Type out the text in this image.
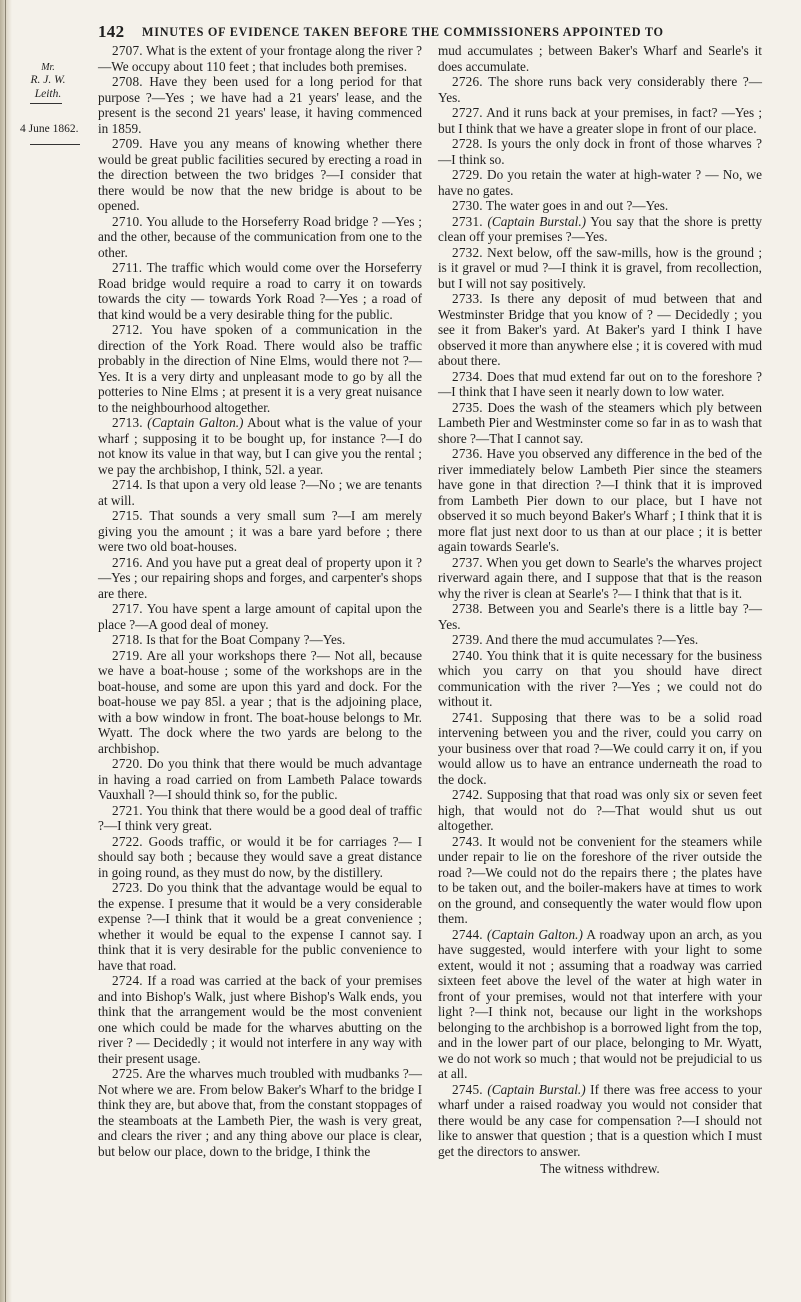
142 MINUTES OF EVIDENCE TAKEN BEFORE THE COMMISSIONERS APPOINTED TO
Mr.
R. J. W. Leith.
4 June 1862.

2707. What is the extent of your frontage along the river ?—We occupy about 110 feet ; that includes both premises.

2708. Have they been used for a long period for that purpose ?—Yes ; we have had a 21 years' lease, and the present is the second 21 years' lease, it having commenced in 1859.

2709. Have you any means of knowing whether there would be great public facilities secured by erecting a road in the direction between the two bridges ?—I consider that there would be now that the new bridge is about to be opened.

2710. You allude to the Horseferry Road bridge ? —Yes ; and the other, because of the communication from one to the other.

2711. The traffic which would come over the Horseferry Road bridge would require a road to carry it on towards towards the city — towards York Road ?—Yes ; a road of that kind would be a very desirable thing for the public.

2712. You have spoken of a communication in the direction of the York Road. There would also be traffic probably in the direction of Nine Elms, would there not ?—Yes. It is a very dirty and unpleasant mode to go by all the potteries to Nine Elms ; at present it is a very great nuisance to the neighbourhood altogether.

2713. (Captain Galton.) About what is the value of your wharf ; supposing it to be bought up, for instance ?—I do not know its value in that way, but I can give you the rental ; we pay the archbishop, I think, 52l. a year.

2714. Is that upon a very old lease ?—No ; we are tenants at will.

2715. That sounds a very small sum ?—I am merely giving you the amount ; it was a bare yard before ; there were two old boat-houses.

2716. And you have put a great deal of property upon it ?—Yes ; our repairing shops and forges, and carpenter's shops are there.

2717. You have spent a large amount of capital upon the place ?—A good deal of money.

2718. Is that for the Boat Company ?—Yes.

2719. Are all your workshops there ?— Not all, because we have a boat-house ; some of the workshops are in the boat-house, and some are upon this yard and dock. For the boat-house we pay 85l. a year ; that is the adjoining place, with a bow window in front. The boat-house belongs to Mr. Wyatt. The dock where the two yards are belong to the archbishop.

2720. Do you think that there would be much advantage in having a road carried on from Lambeth Palace towards Vauxhall ?—I should think so, for the public.

2721. You think that there would be a good deal of traffic ?—I think very great.

2722. Goods traffic, or would it be for carriages ?— I should say both ; because they would save a great distance in going round, as they must do now, by the distillery.

2723. Do you think that the advantage would be equal to the expense. I presume that it would be a very considerable expense ?—I think that it would be a great convenience ; whether it would be equal to the expense I cannot say. I think that it is very desirable for the public convenience to have that road.

2724. If a road was carried at the back of your premises and into Bishop's Walk, just where Bishop's Walk ends, you think that the arrangement would be the most convenient one which could be made for the wharves abutting on the river ? — Decidedly ; it would not interfere in any way with their present usage.

2725. Are the wharves much troubled with mudbanks ?—Not where we are. From below Baker's Wharf to the bridge I think they are, but above that, from the constant stoppages of the steamboats at the Lambeth Pier, the wash is very great, and clears the river ; and any thing above our place is clear, but below our place, down to the bridge, I think the

mud accumulates ; between Baker's Wharf and Searle's it does accumulate.

2726. The shore runs back very considerably there ?—Yes.

2727. And it runs back at your premises, in fact? —Yes ; but I think that we have a greater slope in front of our place.

2728. Is yours the only dock in front of those wharves ?—I think so.

2729. Do you retain the water at high-water ? — No, we have no gates.

2730. The water goes in and out ?—Yes.

2731. (Captain Burstal.) You say that the shore is pretty clean off your premises ?—Yes.

2732. Next below, off the saw-mills, how is the ground ; is it gravel or mud ?—I think it is gravel, from recollection, but I will not say positively.

2733. Is there any deposit of mud between that and Westminster Bridge that you know of ? — Decidedly ; you see it from Baker's yard. At Baker's yard I think I have observed it more than anywhere else ; it is covered with mud about there.

2734. Does that mud extend far out on to the foreshore ?—I think that I have seen it nearly down to low water.

2735. Does the wash of the steamers which ply between Lambeth Pier and Westminster come so far in as to wash that shore ?—That I cannot say.

2736. Have you observed any difference in the bed of the river immediately below Lambeth Pier since the steamers have gone in that direction ?—I think that it is improved from Lambeth Pier down to our place, but I have not observed it so much beyond Baker's Wharf ; I think that it is more flat just next door to us than at our place ; it is better again towards Searle's.

2737. When you get down to Searle's the wharves project riverward again there, and I suppose that that is the reason why the river is clean at Searle's ?— I think that that is it.

2738. Between you and Searle's there is a little bay ?—Yes.

2739. And there the mud accumulates ?—Yes.

2740. You think that it is quite necessary for the business which you carry on that you should have direct communication with the river ?—Yes ; we could not do without it.

2741. Supposing that there was to be a solid road intervening between you and the river, could you carry on your business over that road ?—We could carry it on, if you would allow us to have an entrance underneath the road to the dock.

2742. Supposing that that road was only six or seven feet high, that would not do ?—That would shut us out altogether.

2743. It would not be convenient for the steamers while under repair to lie on the foreshore of the river outside the road ?—We could not do the repairs there ; the plates have to be taken out, and the boiler-makers have at times to work on the ground, and consequently the water would flow upon them.

2744. (Captain Galton.) A roadway upon an arch, as you have suggested, would interfere with your light to some extent, would it not ; assuming that a roadway was carried sixteen feet above the level of the water at high water in front of your premises, would not that interfere with your light ?—I think not, because our light in the workshops belonging to the archbishop is a borrowed light from the top, and in the lower part of our place, belonging to Mr. Wyatt, we do not work so much ; that would not be prejudicial to us at all.

2745. (Captain Burstal.) If there was free access to your wharf under a raised roadway you would not consider that there would be any case for compensation ?—I should not like to answer that question ; that is a question which I must get the directors to answer.

The witness withdrew.
